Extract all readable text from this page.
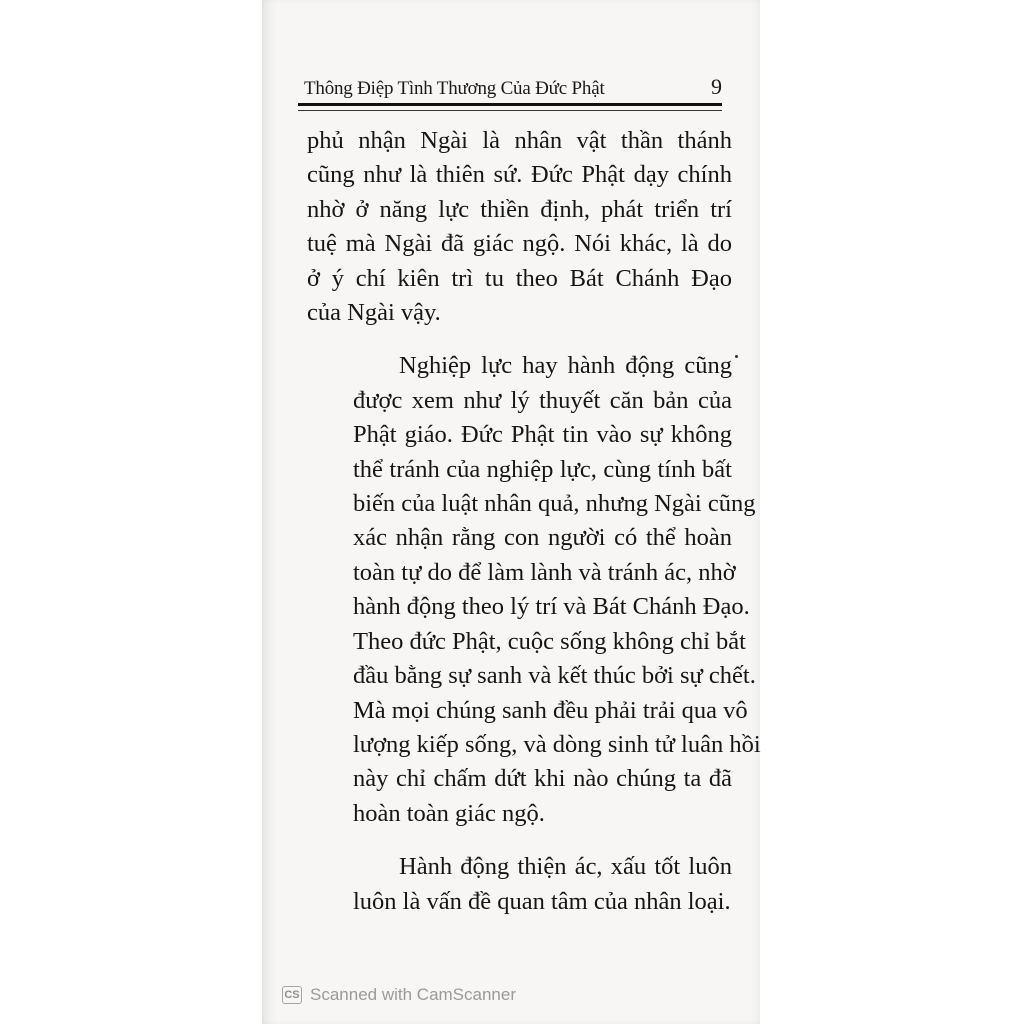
Thông Điệp Tình Thương Của Đức Phật	9

phủ nhận Ngài là nhân vật thần thánh
cũng như là thiên sứ. Đức Phật dạy chính
nhờ ở năng lực thiền định, phát triển trí
tuệ mà Ngài đã giác ngộ. Nói khác, là do
ở ý chí kiên trì tu theo Bát Chánh Đạo
của Ngài vậy.

Nghiệp lực hay hành động cũng
được xem như lý thuyết căn bản của
Phật giáo. Đức Phật tin vào sự không
thể tránh của nghiệp lực, cùng tính bất
biến của luật nhân quả, nhưng Ngài cũng
xác nhận rằng con người có thể hoàn
toàn tự do để làm lành và tránh ác, nhờ
hành động theo lý trí và Bát Chánh Đạo.
Theo đức Phật, cuộc sống không chỉ bắt
đầu bằng sự sanh và kết thúc bởi sự chết.
Mà mọi chúng sanh đều phải trải qua vô
lượng kiếp sống, và dòng sinh tử luân hồi
này chỉ chấm dứt khi nào chúng ta đã
hoàn toàn giác ngộ.

Hành động thiện ác, xấu tốt luôn
luôn là vấn đề quan tâm của nhân loại.

CS Scanned with CamScanner
